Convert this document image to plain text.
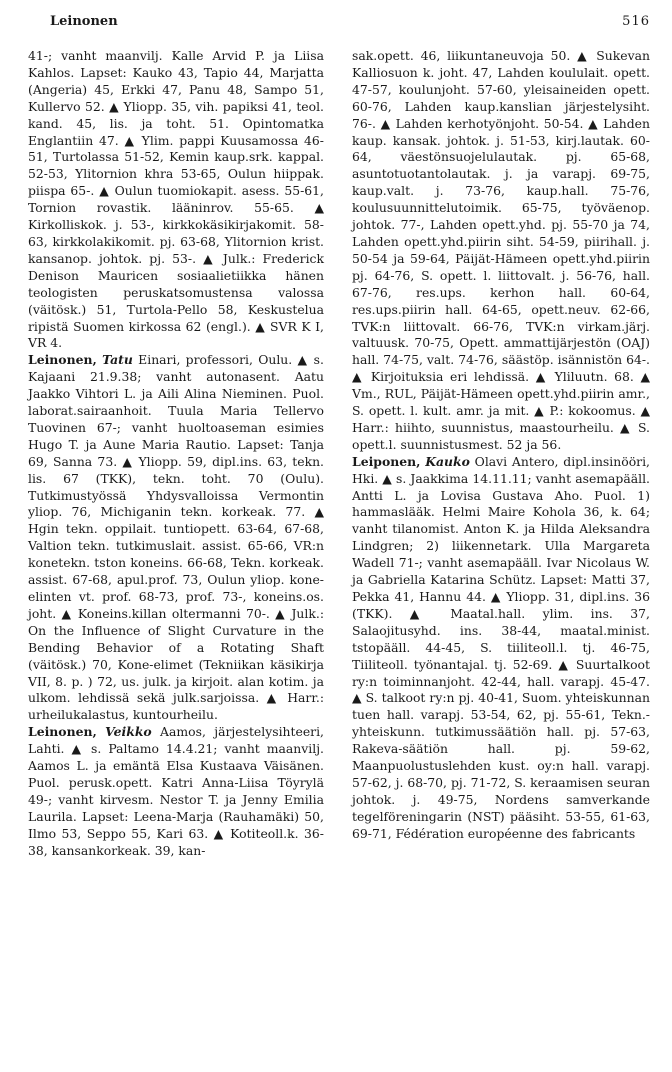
Leinonen	516

41-; vanht maanvilj. Kalle Arvid P. ja Liisa Kahlos. Lapset: Kauko 43, Tapio 44, Marjatta (Angeria) 45, Erkki 47, Panu 48, Sampo 51, Kullervo 52. ▲ Yliopp. 35, vih. papiksi 41, teol. kand. 45, lis. ja toht. 51. Opintomatka Englantiin 47. ▲ Ylim. pappi Kuusamossa 46-51, Turtolassa 51-52, Kemin kaup.srk. kappal. 52-53, Ylitornion khra 53-65, Oulun hiippak. piispa 65-. ▲ Oulun tuomiokapit. asess. 55-61, Tornion rovastik. lääninrov. 55-65. ▲ Kirkolliskok. j. 53-, kirkkokäsikirjakomit. 58-63, kirkkolakikomit. pj. 63-68, Ylitornion krist. kansanop. johtok. pj. 53-. ▲ Julk.: Frederick Denison Mauricen sosiaalietiikka hänen teologisten peruskatsomustensa valossa (väitösk.) 51, Turtola-Pello 58, Keskustelua ripistä Suomen kirkossa 62 (engl.). ▲ SVR K I, VR 4.

Leinonen, Tatu Einari, professori, Oulu. ▲ s. Kajaani 21.9.38; vanht autonasent. Aatu Jaakko Vihtori L. ja Aili Alina Nieminen. Puol. laborat.sairaanhoit. Tuula Maria Tellervo Tuovinen 67-; vanht huoltoaseman esimies Hugo T. ja Aune Maria Rautio. Lapset: Tanja 69, Sanna 73. ▲ Yliopp. 59, dipl.ins. 63, tekn. lis. 67 (TKK), tekn. toht. 70 (Oulu). Tutkimustyössä Yhdysvalloissa Vermontin yliop. 76, Michiganin tekn. korkeak. 77. ▲ Hgin tekn. oppilait. tuntiopett. 63-64, 67-68, Valtion tekn. tutkimuslait. assist. 65-66, VR:n konetekn. tston koneins. 66-68, Tekn. korkeak. assist. 67-68, apul.prof. 73, Oulun yliop. kone-elinten vt. prof. 68-73, prof. 73-, koneins.os. joht. ▲ Koneins.killan oltermanni 70-. ▲ Julk.: On the Influence of Slight Curvature in the Bending Behavior of a Rotating Shaft (väitösk.) 70, Kone-elimet (Tekniikan käsikirja VII, 8. p. ) 72, us. julk. ja kirjoit. alan kotim. ja ulkom. lehdissä sekä julk.sarjoissa. ▲ Harr.: urheilukalastus, kuntourheilu.

Leinonen, Veikko Aamos, järjestelysihteeri, Lahti. ▲ s. Paltamo 14.4.21; vanht maanvilj. Aamos L. ja emäntä Elsa Kustaava Väisänen. Puol. perusk.opett. Katri Anna-Liisa Töyrylä 49-; vanht kirvesm. Nestor T. ja Jenny Emilia Laurila. Lapset: Leena-Marja (Rauhamäki) 50, Ilmo 53, Seppo 55, Kari 63. ▲ Kotiteoll.k. 36-38, kansankorkeak. 39, kan-

sak.opett. 46, liikuntaneuvoja 50. ▲ Sukevan Kalliosuon k. joht. 47, Lahden koululait. opett. 47-57, koulunjoht. 57-60, yleisaineiden opett. 60-76, Lahden kaup.kanslian järjestelysiht. 76-. ▲ Lahden kerhotyönjoht. 50-54. ▲ Lahden kaup. kansak. johtok. j. 51-53, kirj.lautak. 60-64, väestönsuojelulautak. pj. 65-68, asuntotuotantolautak. j. ja varapj. 69-75, kaup.valt. j. 73-76, kaup.hall. 75-76, koulusuunnittelutoimik. 65-75, työväenop. johtok. 77-, Lahden opett.yhd. pj. 55-70 ja 74, Lahden opett.yhd.piirin siht. 54-59, piirihall. j. 50-54 ja 59-64, Päijät-Hämeen opett.yhd.piirin pj. 64-76, S. opett. l. liittovalt. j. 56-76, hall. 67-76, res.ups. kerhon hall. 60-64, res.ups.piirin hall. 64-65, opett.neuv. 62-66, TVK:n liittovalt. 66-76, TVK:n virkam.järj. valtuusk. 70-75, Opett. ammattijärjestön (OAJ) hall. 74-75, valt. 74-76, säästöp. isännistön 64-. ▲ Kirjoituksia eri lehdissä. ▲ Yliluutn. 68. ▲ Vm., RUL, Päijät-Hämeen opett.yhd.piirin amr., S. opett. l. kult. amr. ja mit. ▲ P.: kokoomus. ▲ Harr.: hiihto, suunnistus, maastourheilu. ▲ S. opett.l. suunnistusmest. 52 ja 56.

Leiponen, Kauko Olavi Antero, dipl.insinööri, Hki. ▲ s. Jaakkima 14.11.11; vanht asemapääll. Antti L. ja Lovisa Gustava Aho. Puol. 1) hammaslääk. Helmi Maire Kohola 36, k. 64; vanht tilanomist. Anton K. ja Hilda Aleksandra Lindgren; 2) liikennetark. Ulla Margareta Wadell 71-; vanht asemapääll. Ivar Nicolaus W. ja Gabriella Katarina Schütz. Lapset: Matti 37, Pekka 41, Hannu 44. ▲ Yliopp. 31, dipl.ins. 36 (TKK). ▲ Maatal.hall. ylim. ins. 37, Salaojitusyhd. ins. 38-44, maatal.minist. tstopääll. 44-45, S. tiiliteoll.l. tj. 46-75, Tiiliteoll. työnantajal. tj. 52-69. ▲ Suurtalkoot ry:n toiminnanjoht. 42-44, hall. varapj. 45-47. ▲ S. talkoot ry:n pj. 40-41, Suom. yhteiskunnan tuen hall. varapj. 53-54, 62, pj. 55-61, Tekn.-yhteiskunn. tutkimussäätiön hall. pj. 57-63, Rakeva-säätiön hall. pj. 59-62, Maanpuolustuslehden kust. oy:n hall. varapj. 57-62, j. 68-70, pj. 71-72, S. keraamisen seuran johtok. j. 49-75, Nordens samverkande tegelföreningarin (NST) pääsiht. 53-55, 61-63, 69-71, Fédération européenne des fabricants
